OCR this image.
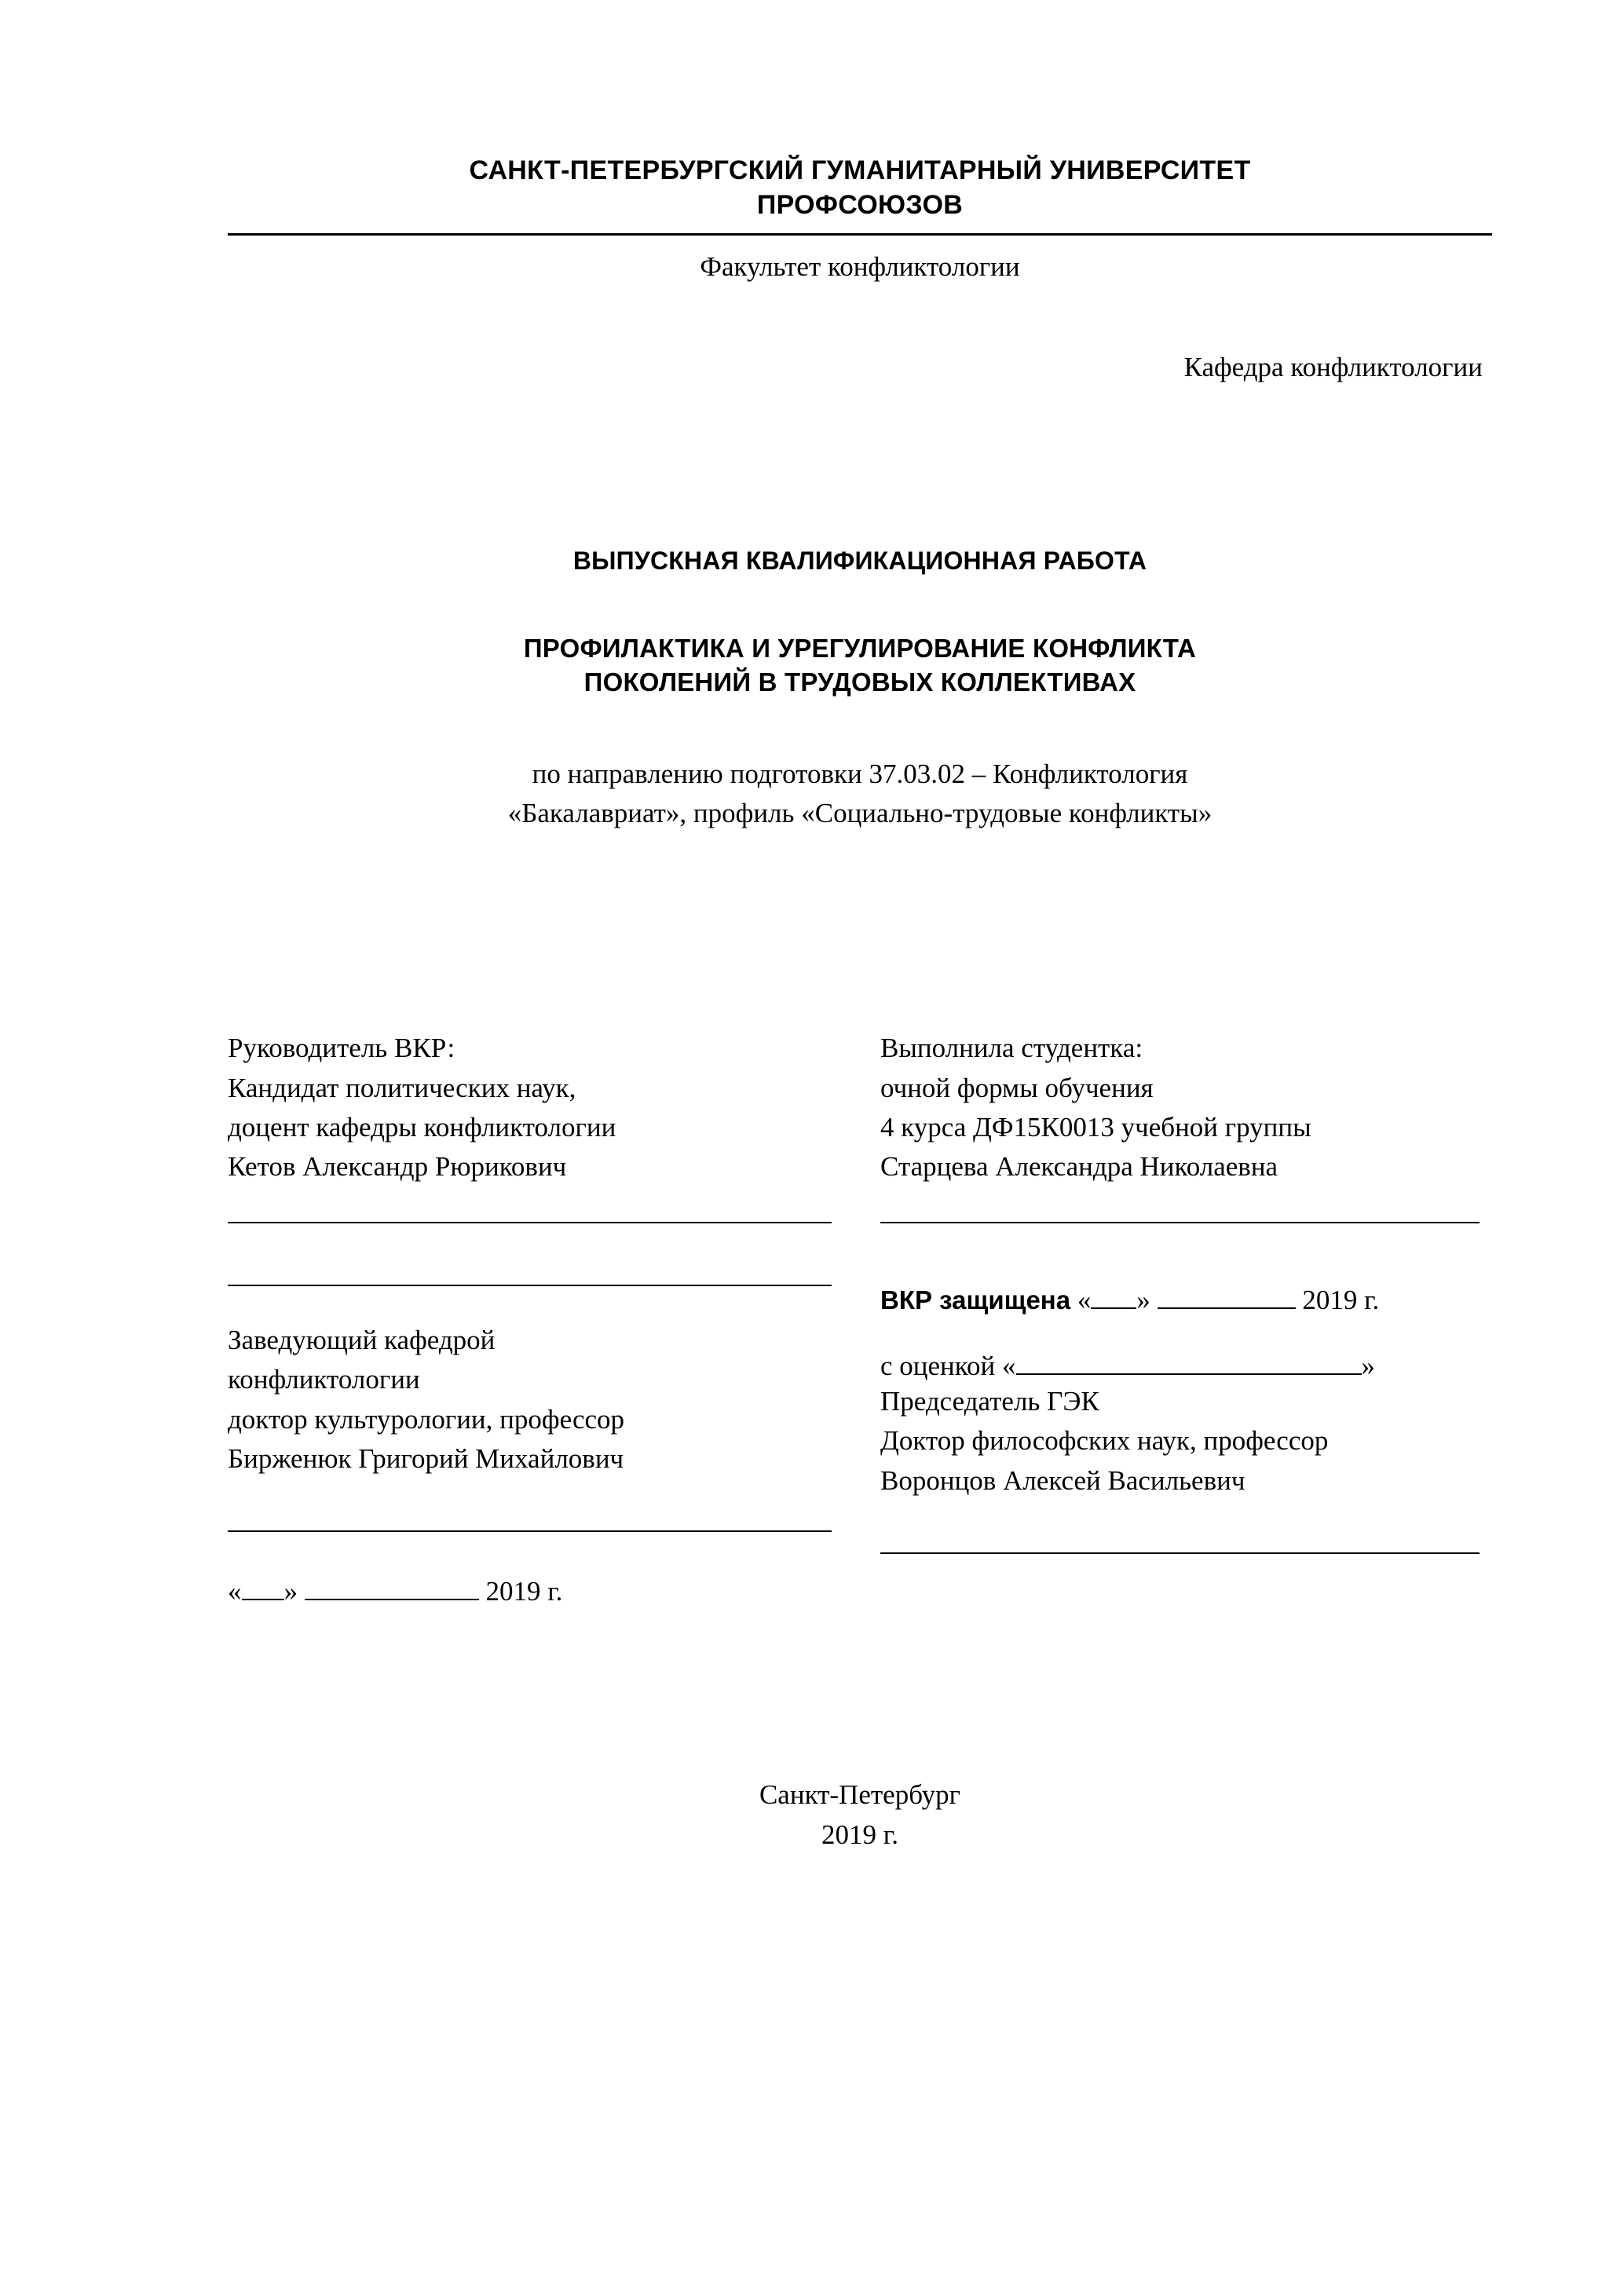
САНКТ-ПЕТЕРБУРГСКИЙ ГУМАНИТАРНЫЙ УНИВЕРСИТЕТ
ПРОФСОЮЗОВ
Факультет конфликтологии
Кафедра конфликтологии
ВЫПУСКНАЯ КВАЛИФИКАЦИОННАЯ РАБОТА
ПРОФИЛАКТИКА И УРЕГУЛИРОВАНИЕ КОНФЛИКТА
ПОКОЛЕНИЙ В ТРУДОВЫХ КОЛЛЕКТИВАХ
по направлению подготовки 37.03.02 – Конфликтология
«Бакалавриат», профиль «Социально-трудовые конфликты»
Руководитель ВКР:
Кандидат политических наук,
доцент кафедры конфликтологии
Кетов Александр Рюрикович
Заведующий кафедрой
конфликтологии
доктор культурологии, профессор
Бирженюк Григорий Михайлович
« »	2019 г.
Выполнила студентка:
очной формы обучения
4 курса ДФ15К0013 учебной группы
Старцева Александра Николаевна
ВКР защищена « »	2019 г.
с оценкой «	»
Председатель ГЭК
Доктор философских наук, профессор
Воронцов Алексей Васильевич
Санкт-Петербург
2019 г.
